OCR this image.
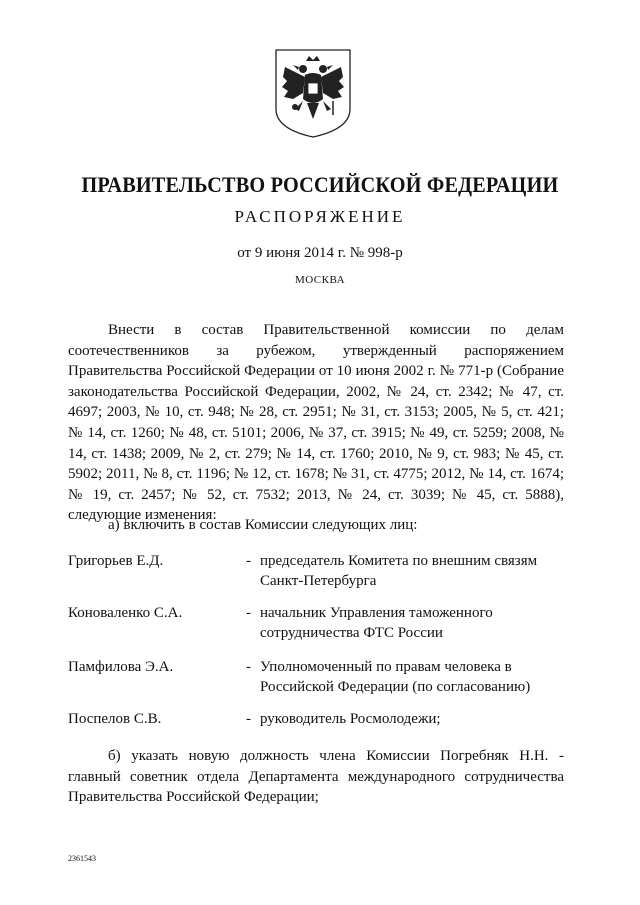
ПРАВИТЕЛЬСТВО РОССИЙСКОЙ ФЕДЕРАЦИИ
РАСПОРЯЖЕНИЕ
от 9 июня 2014 г. № 998-р
МОСКВА

Внести в состав Правительственной комиссии по делам соотечественников за рубежом, утвержденный распоряжением Правительства Российской Федерации от 10 июня 2002 г. № 771-р (Собрание законодательства Российской Федерации, 2002, № 24, ст. 2342; № 47, ст. 4697; 2003, № 10, ст. 948; № 28, ст. 2951; № 31, ст. 3153; 2005, № 5, ст. 421; № 14, ст. 1260; № 48, ст. 5101; 2006, № 37, ст. 3915; № 49, ст. 5259; 2008, № 14, ст. 1438; 2009, № 2, ст. 279; № 14, ст. 1760; 2010, № 9, ст. 983; № 45, ст. 5902; 2011, № 8, ст. 1196; № 12, ст. 1678; № 31, ст. 4775; 2012, № 14, ст. 1674; № 19, ст. 2457; № 52, ст. 7532; 2013, № 24, ст. 3039; № 45, ст. 5888), следующие изменения:

а) включить в состав Комиссии следующих лиц:
Григорьев Е.Д.	- председатель Комитета по внешним связям Санкт-Петербурга
Коноваленко С.А.	- начальник Управления таможенного сотрудничества ФТС России
Памфилова Э.А.	- Уполномоченный по правам человека в Российской Федерации (по согласованию)
Поспелов С.В.	- руководитель Росмолодежи;

б) указать новую должность члена Комиссии Погребняк Н.Н. - главный советник отдела Департамента международного сотрудничества Правительства Российской Федерации;

2361543
